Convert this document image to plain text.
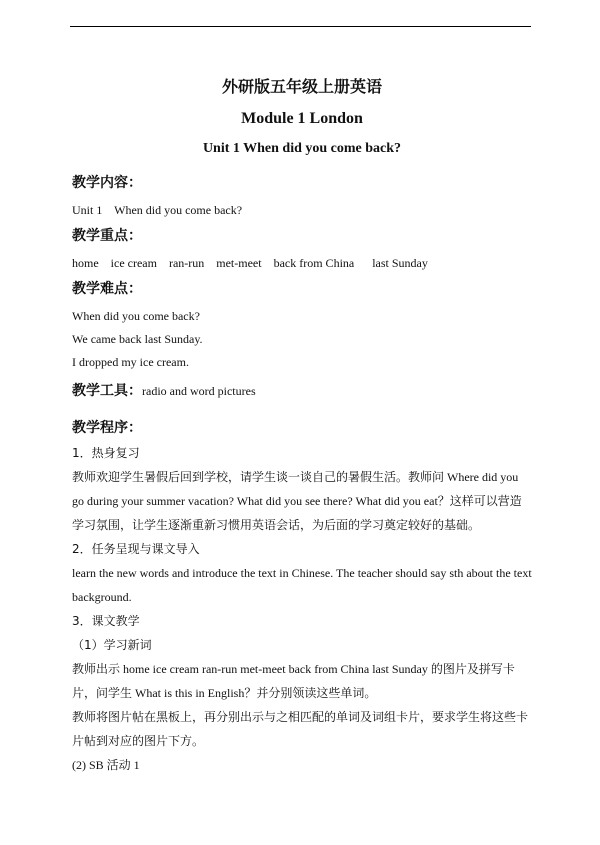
外研版五年级上册英语

Module 1 London

Unit 1 When did you come back?

教学内容：

Unit 1    When did you come back?

教学重点：

home    ice cream    ran-run    met-meet    back from China      last Sunday

教学难点：

When did you come back?

We came back last Sunday.

I dropped my ice cream.

教学工具：radio and word pictures

教学程序：

1．热身复习

教师欢迎学生暑假后回到学校，请学生谈一谈自己的暑假生活。教师问 Where did you go during your summer vacation? What did you see there? What did you eat？这样可以营造学习氛围，让学生逐渐重新习惯用英语会话，为后面的学习奠定较好的基础。

2．任务呈现与课文导入

learn the new words and introduce the text in Chinese. The teacher should say sth about the text background.

3．课文教学

（1）学习新词

教师出示 home ice cream ran-run met-meet back from China last Sunday 的图片及拼写卡片，问学生 What is this in English？并分别领读这些单词。

教师将图片帖在黑板上，再分别出示与之相匹配的单词及词组卡片，要求学生将这些卡片帖到对应的图片下方。

(2) SB 活动 1
